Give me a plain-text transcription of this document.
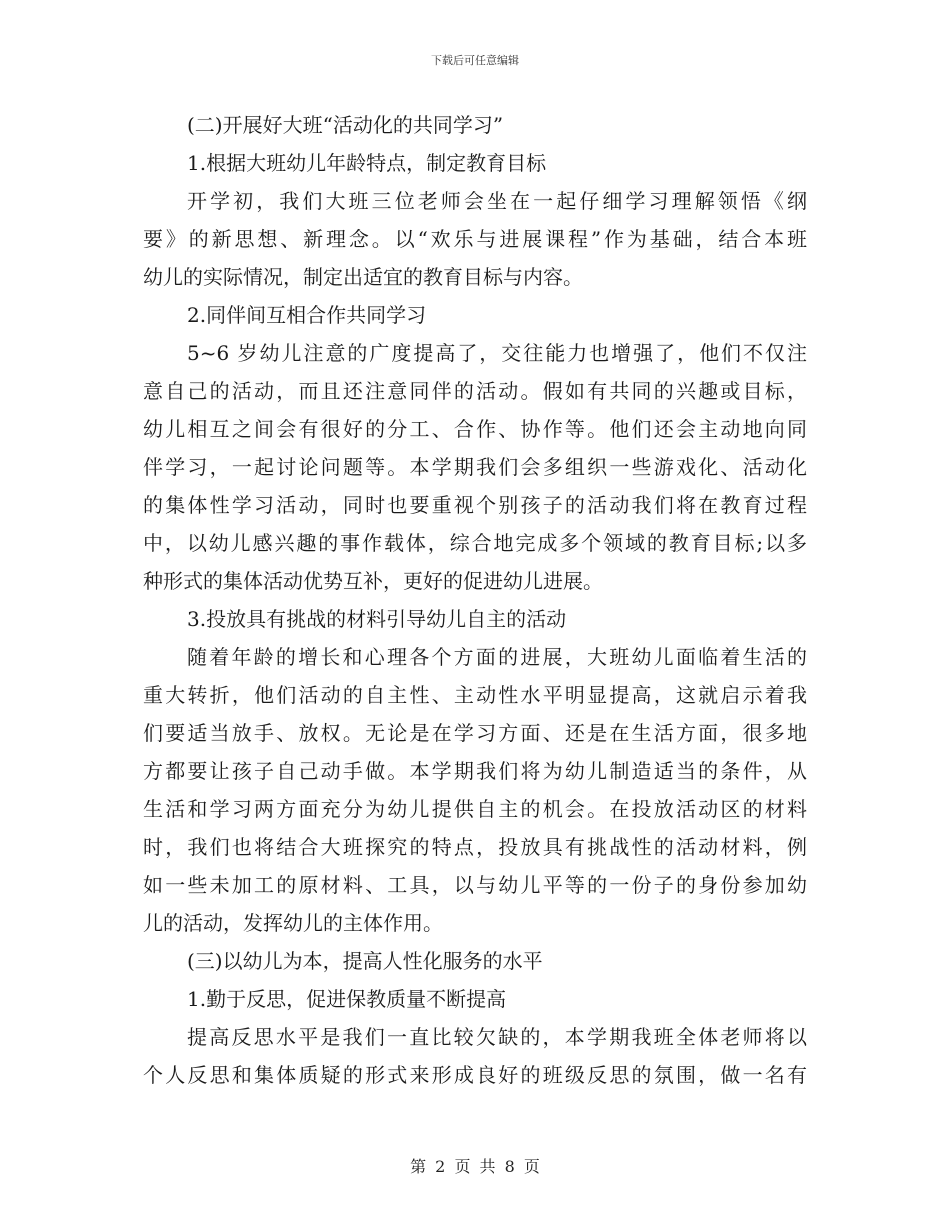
下载后可任意编辑
(二)开展好大班“活动化的共同学习”
1.根据大班幼儿年龄特点，制定教育目标
开学初，我们大班三位老师会坐在一起仔细学习理解领悟《纲
要》的新思想、新理念。以“欢乐与进展课程”作为基础，结合本班
幼儿的实际情况，制定出适宜的教育目标与内容。
2.同伴间互相合作共同学习
5~6 岁幼儿注意的广度提高了，交往能力也增强了，他们不仅注
意自己的活动，而且还注意同伴的活动。假如有共同的兴趣或目标，
幼儿相互之间会有很好的分工、合作、协作等。他们还会主动地向同
伴学习，一起讨论问题等。本学期我们会多组织一些游戏化、活动化
的集体性学习活动，同时也要重视个别孩子的活动我们将在教育过程
中，以幼儿感兴趣的事作载体，综合地完成多个领域的教育目标;以多
种形式的集体活动优势互补，更好的促进幼儿进展。
3.投放具有挑战的材料引导幼儿自主的活动
随着年龄的增长和心理各个方面的进展，大班幼儿面临着生活的
重大转折，他们活动的自主性、主动性水平明显提高，这就启示着我
们要适当放手、放权。无论是在学习方面、还是在生活方面，很多地
方都要让孩子自己动手做。本学期我们将为幼儿制造适当的条件，从
生活和学习两方面充分为幼儿提供自主的机会。在投放活动区的材料
时，我们也将结合大班探究的特点，投放具有挑战性的活动材料，例
如一些未加工的原材料、工具，以与幼儿平等的一份子的身份参加幼
儿的活动，发挥幼儿的主体作用。
(三)以幼儿为本，提高人性化服务的水平
1.勤于反思，促进保教质量不断提高
提高反思水平是我们一直比较欠缺的，本学期我班全体老师将以
个人反思和集体质疑的形式来形成良好的班级反思的氛围，做一名有
第 2 页 共 8 页
